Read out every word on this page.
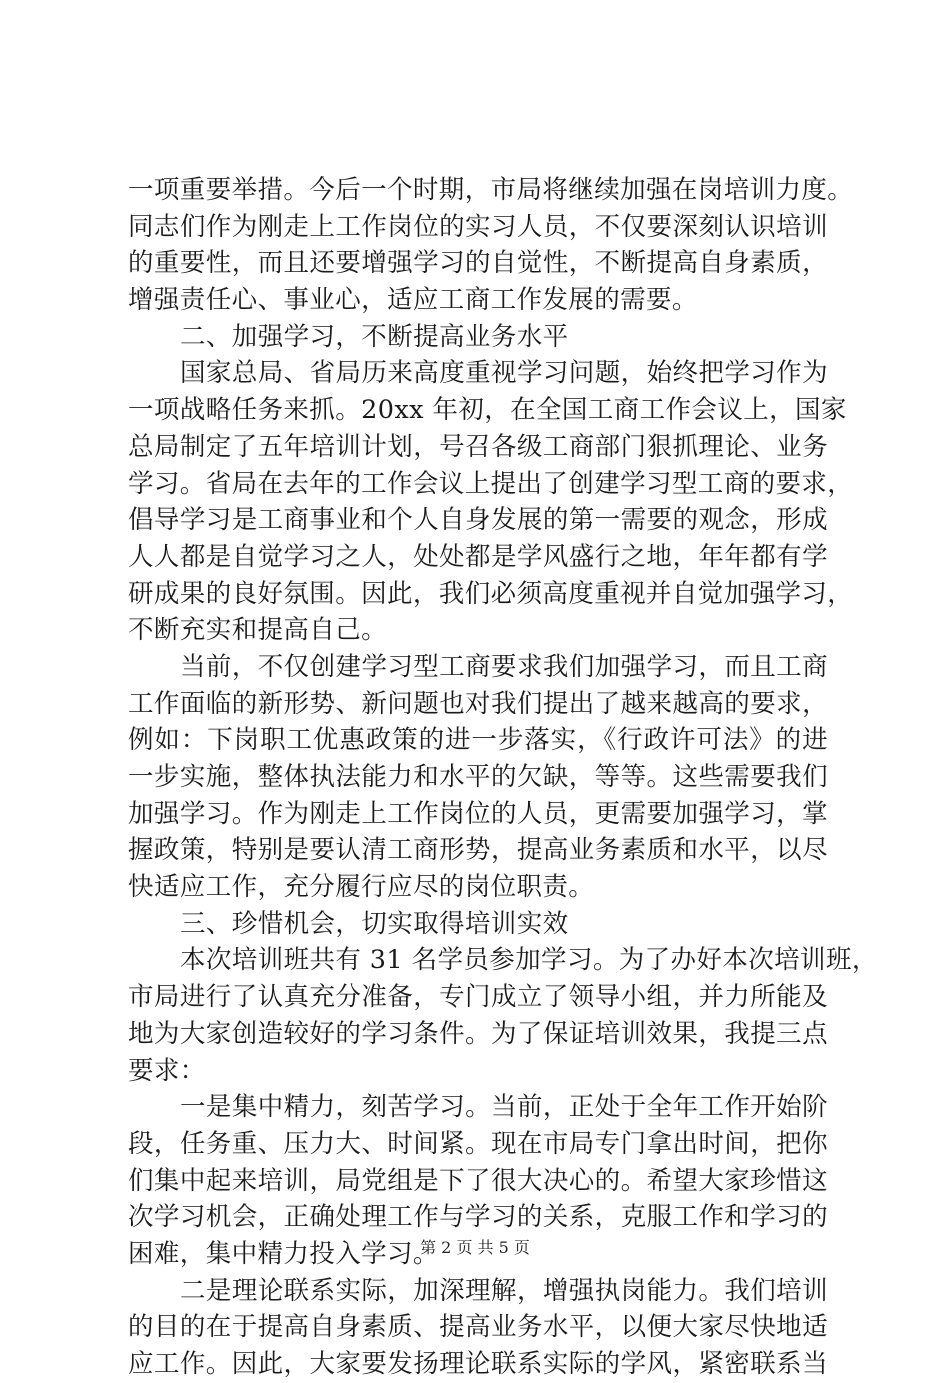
一项重要举措。今后一个时期，市局将继续加强在岗培训力度。
同志们作为刚走上工作岗位的实习人员，不仅要深刻认识培训
的重要性，而且还要增强学习的自觉性，不断提高自身素质，
增强责任心、事业心，适应工商工作发展的需要。
二、加强学习，不断提高业务水平
国家总局、省局历来高度重视学习问题，始终把学习作为
一项战略任务来抓。20xx 年初，在全国工商工作会议上，国家
总局制定了五年培训计划，号召各级工商部门狠抓理论、业务
学习。省局在去年的工作会议上提出了创建学习型工商的要求，
倡导学习是工商事业和个人自身发展的第一需要的观念，形成
人人都是自觉学习之人，处处都是学风盛行之地，年年都有学
研成果的良好氛围。因此，我们必须高度重视并自觉加强学习，
不断充实和提高自己。
当前，不仅创建学习型工商要求我们加强学习，而且工商
工作面临的新形势、新问题也对我们提出了越来越高的要求，
例如：下岗职工优惠政策的进一步落实，《行政许可法》的进
一步实施，整体执法能力和水平的欠缺，等等。这些需要我们
加强学习。作为刚走上工作岗位的人员，更需要加强学习，掌
握政策，特别是要认清工商形势，提高业务素质和水平，以尽
快适应工作，充分履行应尽的岗位职责。
三、珍惜机会，切实取得培训实效
本次培训班共有 31 名学员参加学习。为了办好本次培训班，
市局进行了认真充分准备，专门成立了领导小组，并力所能及
地为大家创造较好的学习条件。为了保证培训效果，我提三点
要求：
一是集中精力，刻苦学习。当前，正处于全年工作开始阶
段，任务重、压力大、时间紧。现在市局专门拿出时间，把你
们集中起来培训，局党组是下了很大决心的。希望大家珍惜这
次学习机会，正确处理工作与学习的关系，克服工作和学习的
困难，集中精力投入学习。
二是理论联系实际，加深理解，增强执岗能力。我们培训
的目的在于提高自身素质、提高业务水平，以便大家尽快地适
应工作。因此，大家要发扬理论联系实际的学风，紧密联系当
第 2 页 共 5 页
